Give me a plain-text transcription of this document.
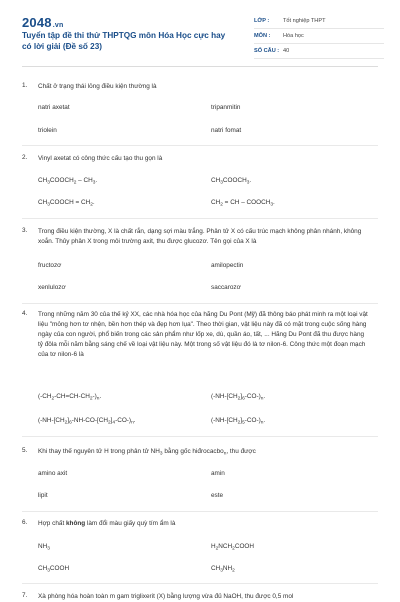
2048.vn
Tuyển tập đề thi thử THPTQG môn Hóa Học cực hay có lời giải (Đề số 23)
LỚP :	Tốt nghiệp THPT
MÔN :	Hóa học
SỐ CÂU : 40
1. Chất ở trạng thái lỏng điều kiện thường là
natri axetat	tripanmitin
triolein	natri fomat
2. Vinyl axetat có công thức cấu tạo thu gọn là
$CH_3COOCH_2 - CH_3$.	$CH_3COOCH_3$.
$CH_3COOCH = CH_2$.	$CH_2$ = CH – $COOCH_3$.
3. Trong điều kiện thường, X là chất rắn, dạng sợi màu trắng. Phân tử X có cấu trúc mạch không phân nhánh, không xoắn. Thủy phân X trong môi trường axit, thu được glucozơ. Tên gọi của X là
fructozơ	amilopectin
xenlulozơ	saccarozơ
4. Trong những năm 30 của thế kỷ XX, các nhà hóa học của hãng Du Pont (Mỹ) đã thông báo phát minh ra một loại vật liệu "mỏng hơn tơ nhện, bền hơn thép và đẹp hơn lụa". Theo thời gian, vật liệu này đã có mặt trong cuộc sống hàng ngày của con người, phổ biến trong các sản phẩm như lốp xe, dù, quần áo, tất, ... Hãng Du Pont đã thu được hàng tỷ đôla mỗi năm bằng sáng chế về loại vật liệu này. Một trong số vật liệu đó là tơ nilon-6. Công thức một đoạn mạch của tơ nilon-6 là
$(-CH_2-CH=CH-CH_2-)_n$.	$(-NH-[CH_2]_6-CO-)_n$.
$(-NH-[CH_2]_6-NH-CO-[CH_2]_4-CO-)_n$.	$(-NH-[CH_2]_5-CO-)_n$.
5. Khi thay thế nguyên tử H trong phân tử $NH_3$ bằng gốc hiđrocacbo$_n$, thu được
amino axit	amin
lipit	este
6. Hợp chất không làm đổi màu giấy quỳ tím ẩm là
$NH_3$	$H_2NCH_2COOH$
$CH_3COOH$	$CH_3NH_2$
7. Xà phòng hóa hoàn toàn m gam triglixerit (X) bằng lượng vừa đủ NaOH, thu được 0,5 mol
